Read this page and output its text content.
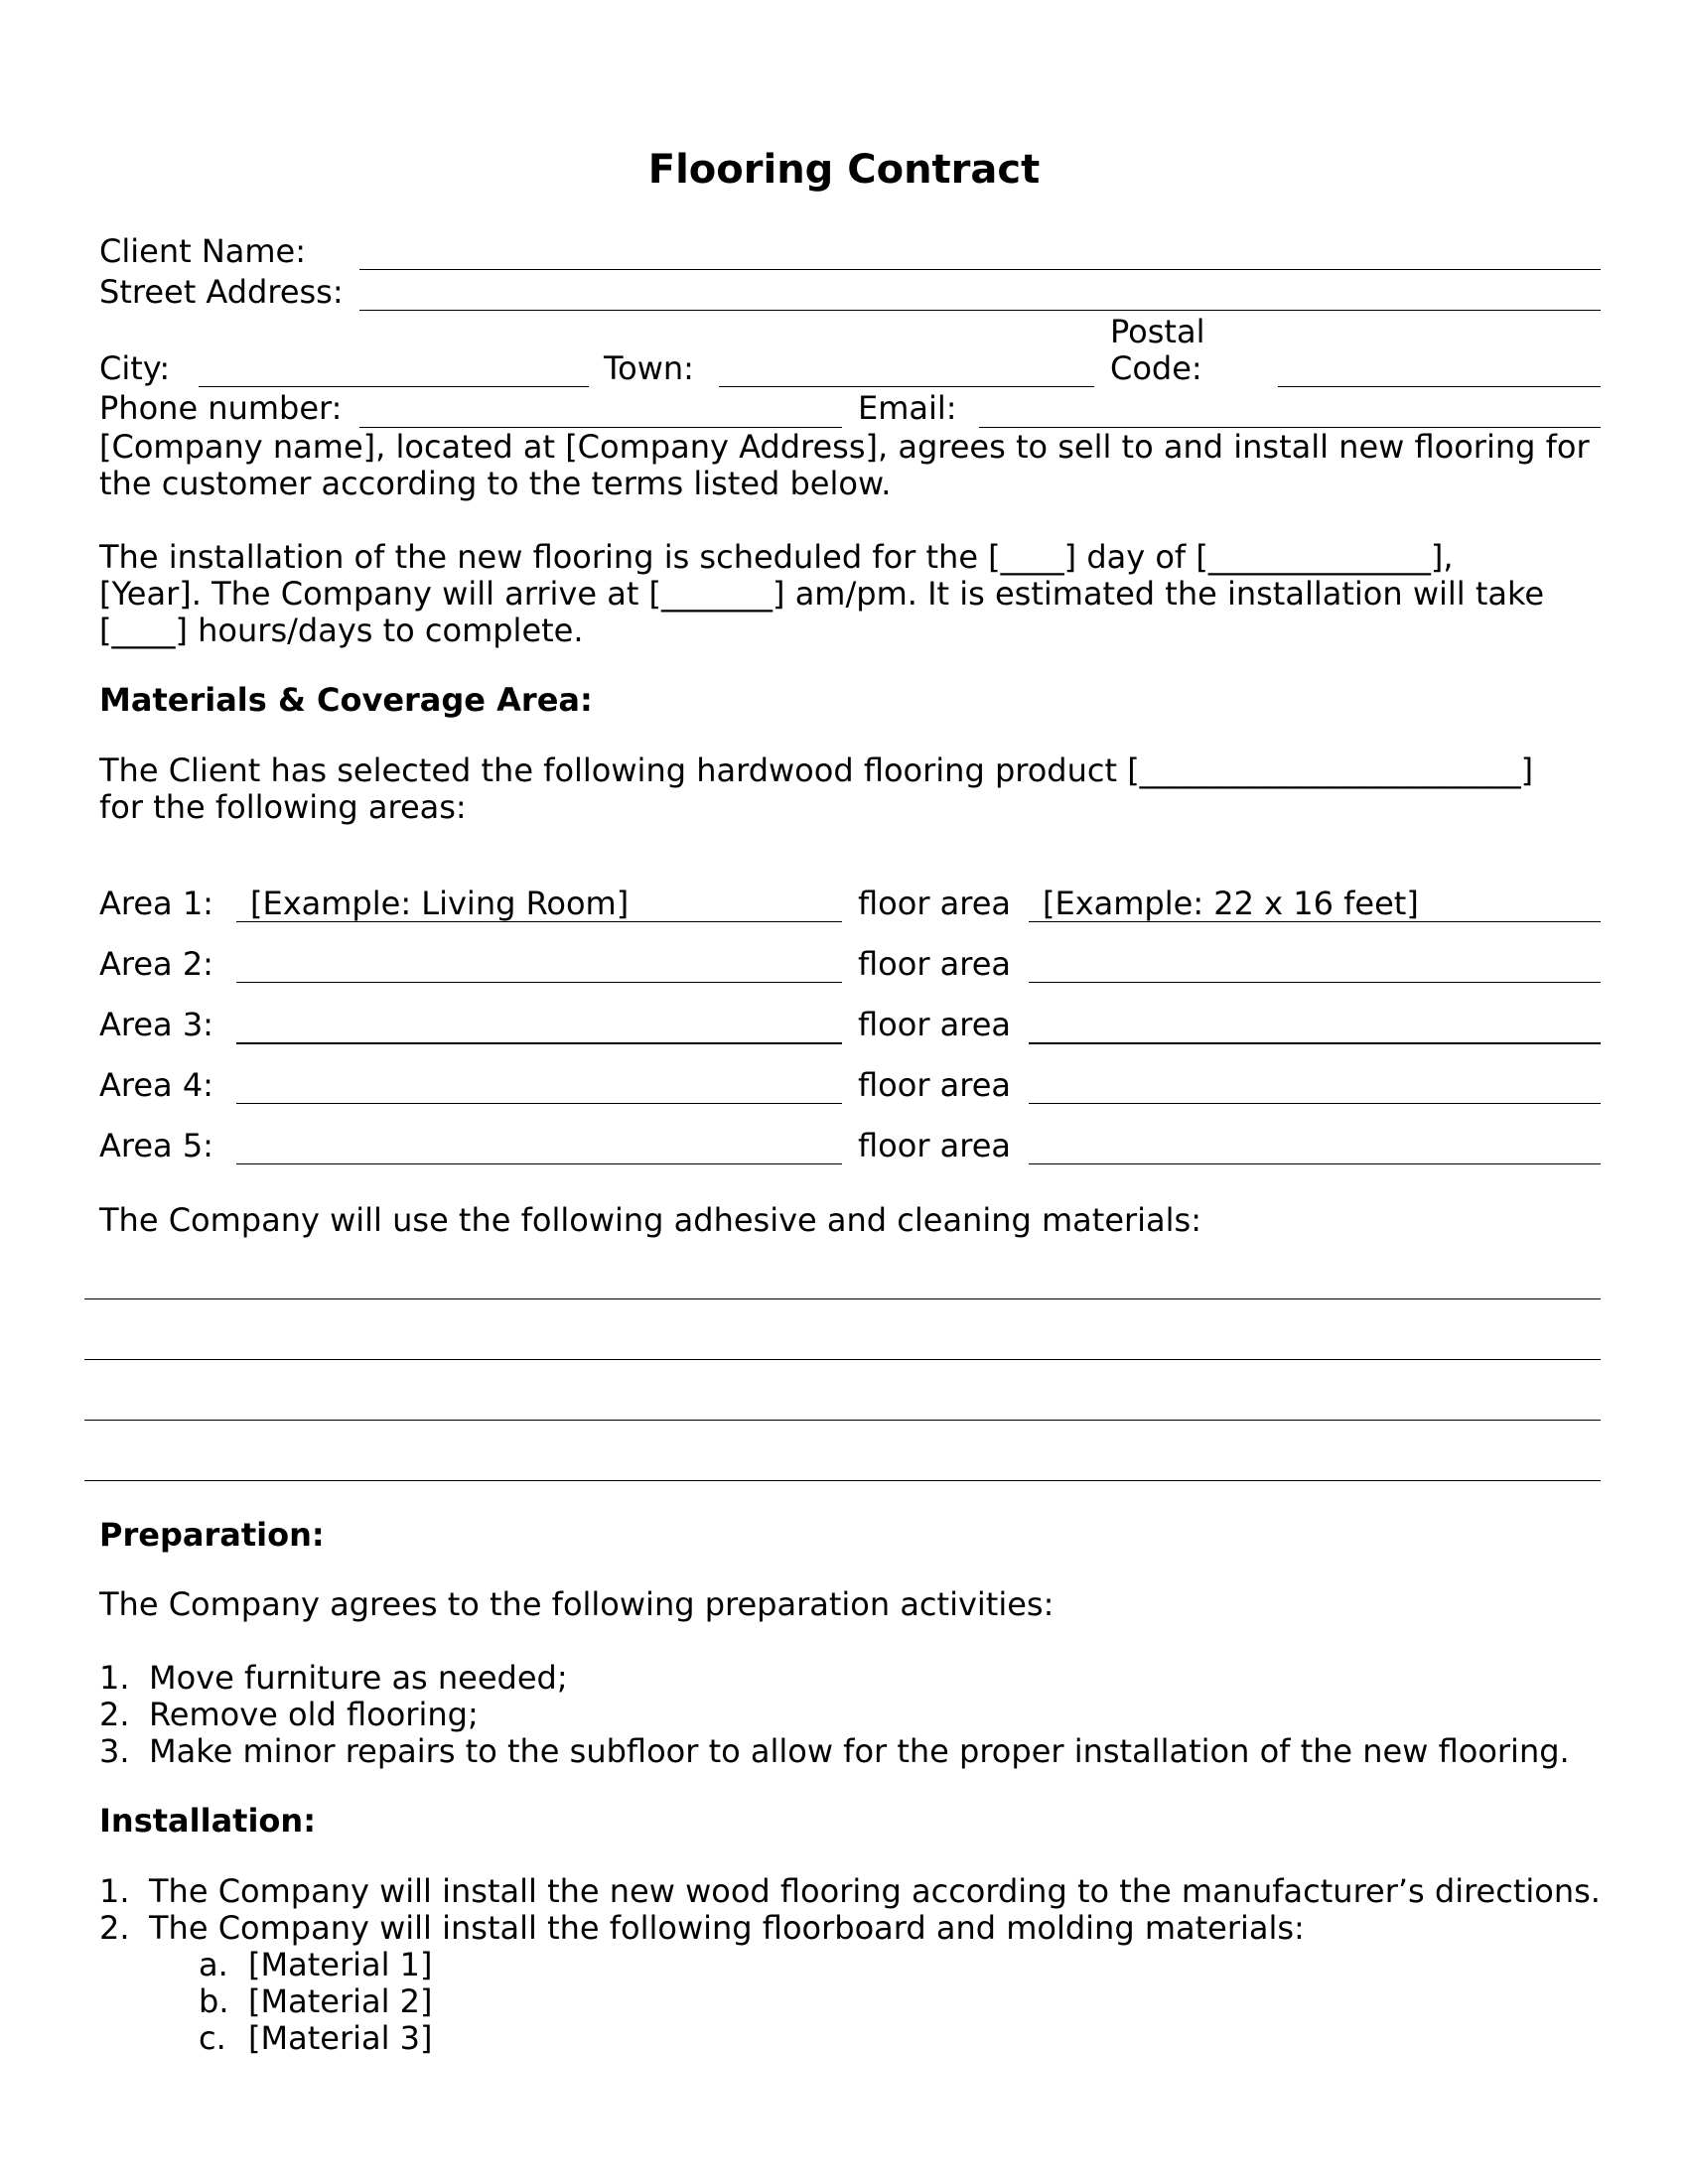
Flooring Contract
Client Name:
Street Address:
Postal
City:	Town:	Code:
Phone number:	Email:
[Company name], located at [Company Address], agrees to sell to and install new flooring for
the customer according to the terms listed below.
The installation of the new flooring is scheduled for the [____] day of [______________],
[Year]. The Company will arrive at [_______] am/pm. It is estimated the installation will take
[____] hours/days to complete.
Materials & Coverage Area:
The Client has selected the following hardwood flooring product [________________________]
for the following areas:
Area 1: [Example: Living Room]	floor area [Example: 22 x 16 feet]
Area 2:	floor area
Area 3:	floor area
Area 4:	floor area
Area 5:	floor area
The Company will use the following adhesive and cleaning materials:
Preparation:
The Company agrees to the following preparation activities:
1. Move furniture as needed;
2. Remove old flooring;
3. Make minor repairs to the subfloor to allow for the proper installation of the new flooring.
Installation:
1. The Company will install the new wood flooring according to the manufacturer’s directions.
2. The Company will install the following floorboard and molding materials:
a. [Material 1]
b. [Material 2]
c. [Material 3]
